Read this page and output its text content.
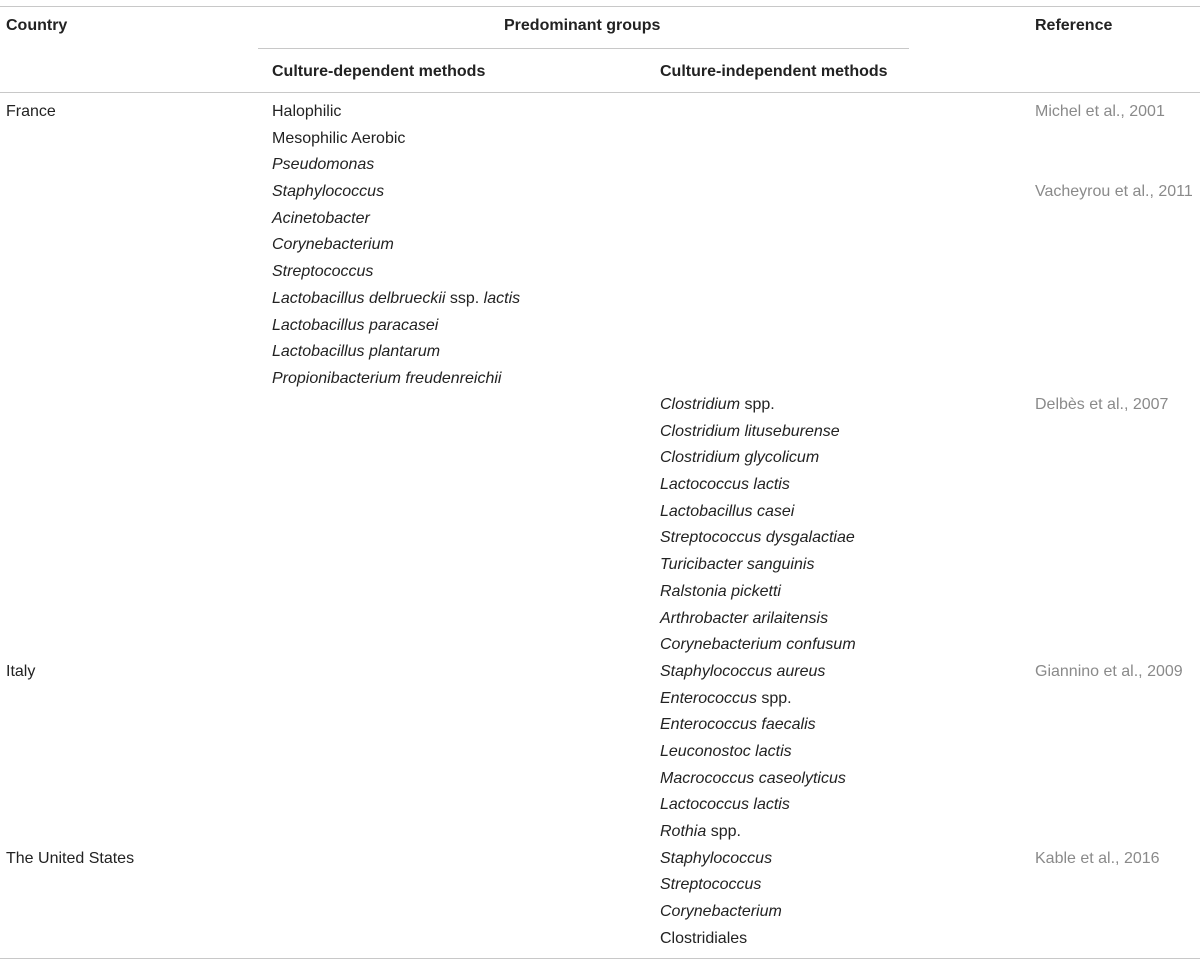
Country	Predominant groups
Culture-dependent methods	Culture-independent methods
Reference
France
Italy
The United States
Halophilic
Mesophilic Aerobic
Pseudomonas
Staphylococcus
Acinetobacter
Corynebacterium
Streptococcus
Lactobacillus delbrueckii ssp. lactis
Lactobacillus paracasei
Lactobacillus plantarum
Propionibacterium freudenreichii
Clostridium spp.
Clostridium lituseburense
Clostridium glycolicum
Lactococcus lactis
Lactobacillus casei
Streptococcus dysgalactiae
Turicibacter sanguinis
Ralstonia picketti
Arthrobacter arilaitensis
Corynebacterium confusum
Staphylococcus aureus
Enterococcus spp.
Enterococcus faecalis
Leuconostoc lactis
Macrococcus caseolyticus
Lactococcus lactis
Rothia spp.
Staphylococcus
Streptococcus
Corynebacterium
Clostridiales
Michel et al., 2001
Vacheyrou et al., 2011
Delbès et al., 2007
Giannino et al., 2009
Kable et al., 2016
